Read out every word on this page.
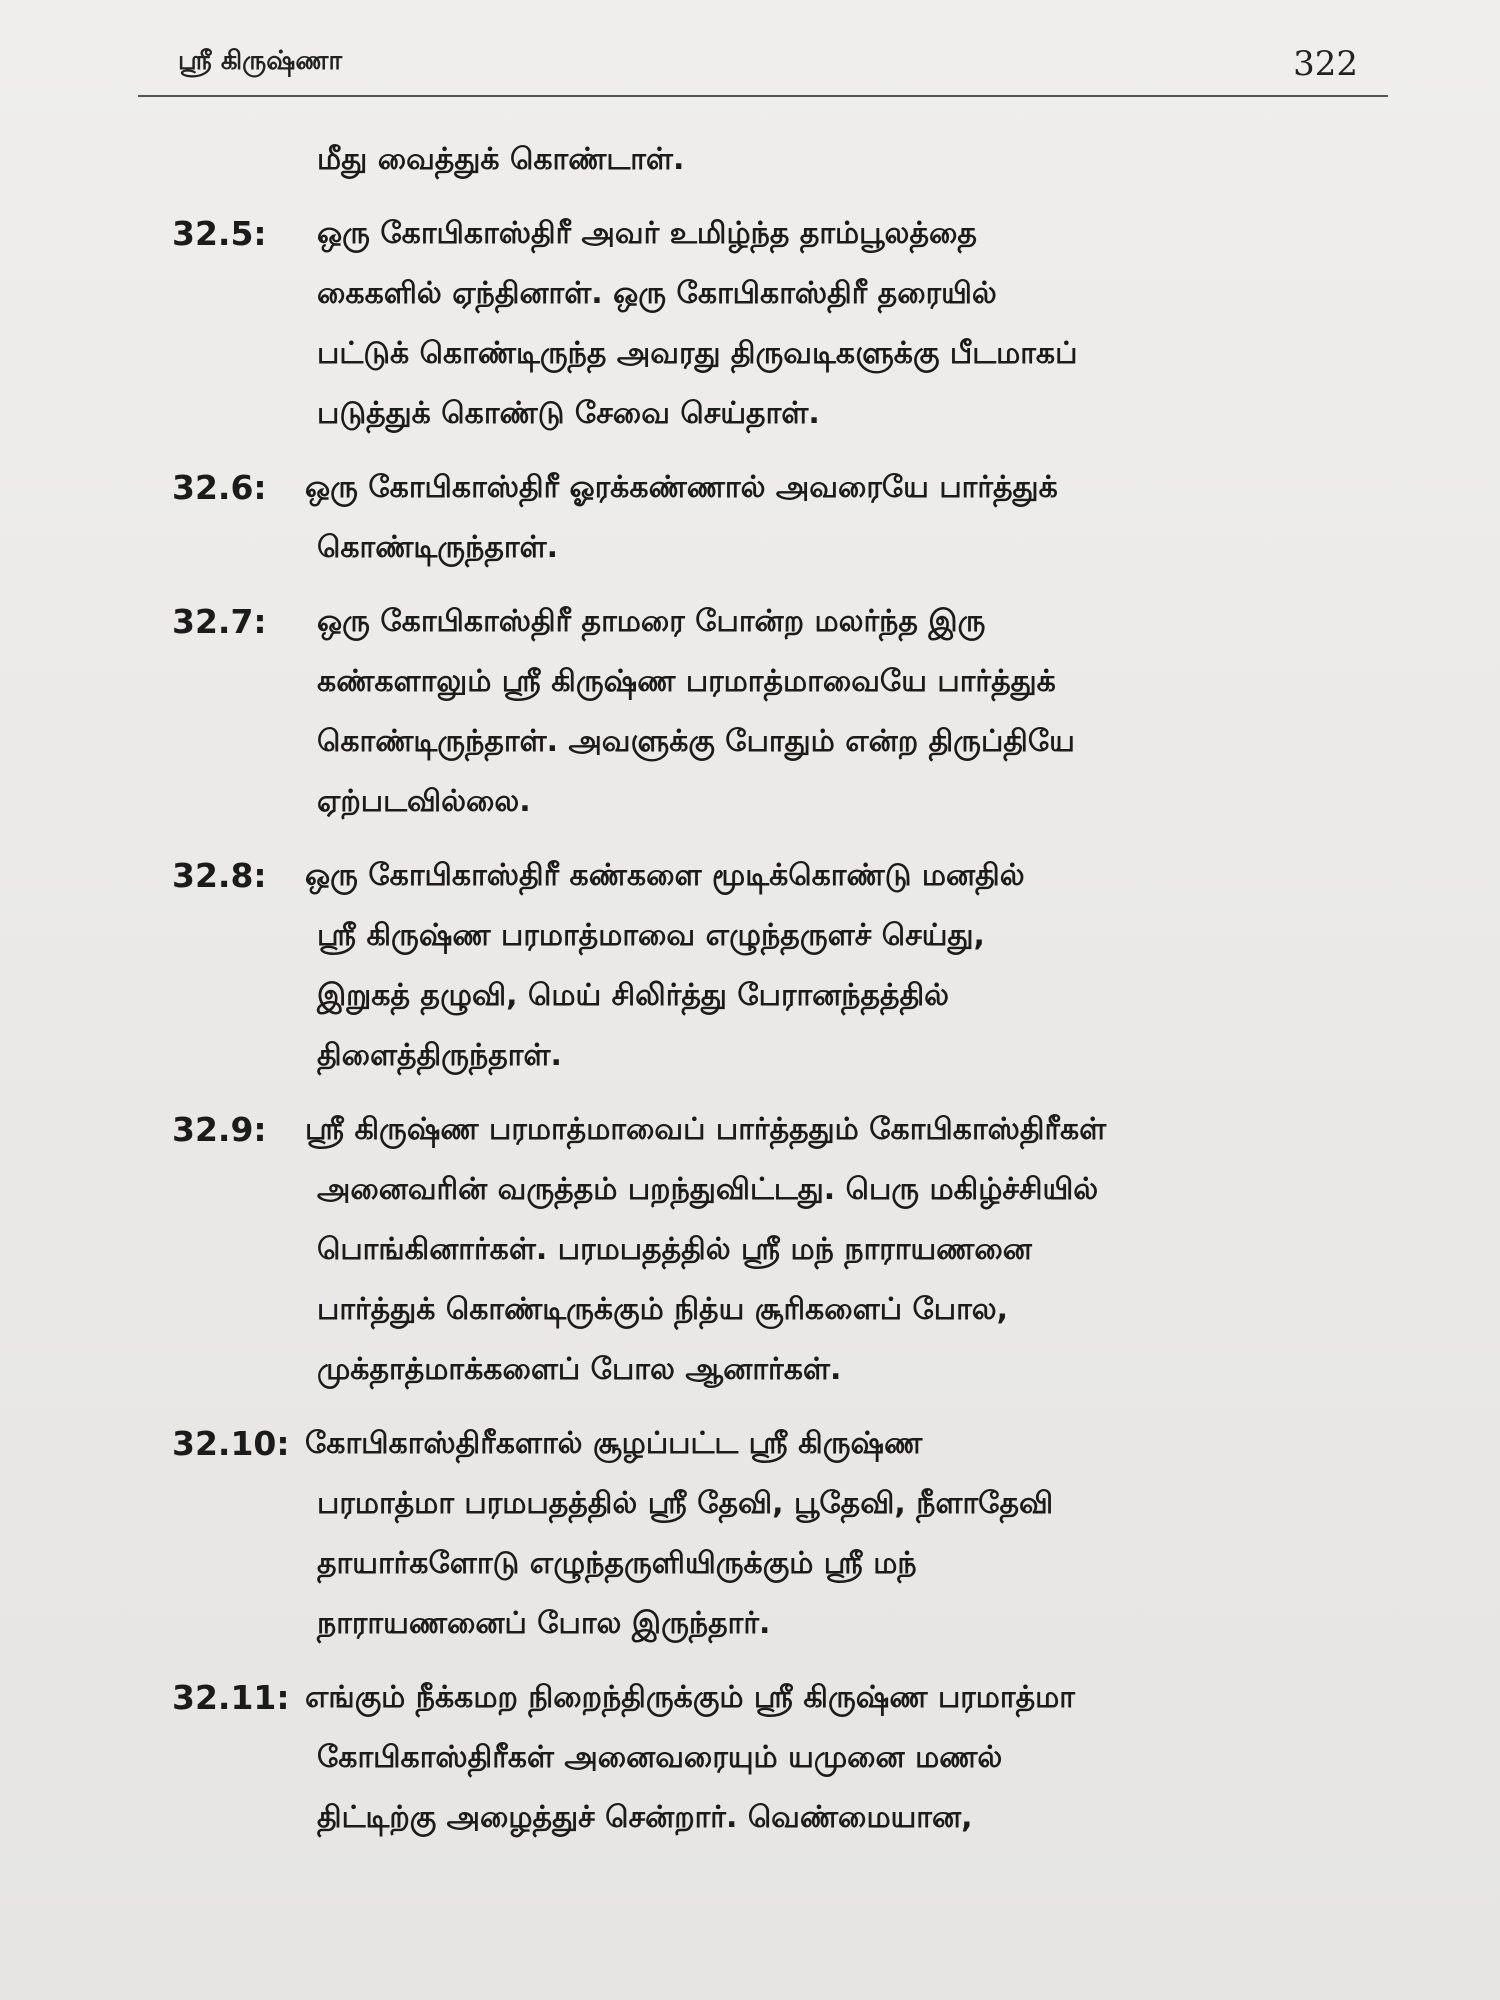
ஸ்ரீ கிருஷ்ணா	322
மீது வைத்துக் கொண்டாள்.
32.5:	ஒரு கோபிகாஸ்திரீ அவர் உமிழ்ந்த தாம்பூலத்தை
கைகளில் ஏந்தினாள். ஒரு கோபிகாஸ்திரீ தரையில்
பட்டுக் கொண்டிருந்த அவரது திருவடிகளுக்கு பீடமாகப்
படுத்துக் கொண்டு சேவை செய்தாள்.
32.6:	ஒரு கோபிகாஸ்திரீ ஓரக்கண்ணால் அவரையே பார்த்துக்
கொண்டிருந்தாள்.
32.7:	ஒரு கோபிகாஸ்திரீ தாமரை போன்ற மலர்ந்த இரு
கண்களாலும் ஸ்ரீ கிருஷ்ண பரமாத்மாவையே பார்த்துக்
கொண்டிருந்தாள். அவளுக்கு போதும் என்ற திருப்தியே
ஏற்படவில்லை.
32.8:	ஒரு கோபிகாஸ்திரீ கண்களை மூடிக்கொண்டு மனதில்
ஸ்ரீ கிருஷ்ண பரமாத்மாவை எழுந்தருளச் செய்து,
இறுகத் தழுவி, மெய் சிலிர்த்து பேரானந்தத்தில்
திளைத்திருந்தாள்.
32.9:	ஸ்ரீ கிருஷ்ண பரமாத்மாவைப் பார்த்ததும் கோபிகாஸ்திரீகள்
அனைவரின் வருத்தம் பறந்துவிட்டது. பெரு மகிழ்ச்சியில்
பொங்கினார்கள். பரமபதத்தில் ஸ்ரீ மந் நாராயணனை
பார்த்துக் கொண்டிருக்கும் நித்ய சூரிகளைப் போல,
முக்தாத்மாக்களைப் போல ஆனார்கள்.
32.10: கோபிகாஸ்திரீகளால் சூழப்பட்ட ஸ்ரீ கிருஷ்ண
பரமாத்மா பரமபதத்தில் ஸ்ரீ தேவி, பூதேவி, நீளாதேவி
தாயார்களோடு எழுந்தருளியிருக்கும் ஸ்ரீ மந்
நாராயணனைப் போல இருந்தார்.
32.11: எங்கும் நீக்கமற நிறைந்திருக்கும் ஸ்ரீ கிருஷ்ண பரமாத்மா
கோபிகாஸ்திரீகள் அனைவரையும் யமுனை மணல்
திட்டிற்கு அழைத்துச் சென்றார். வெண்மையான,
